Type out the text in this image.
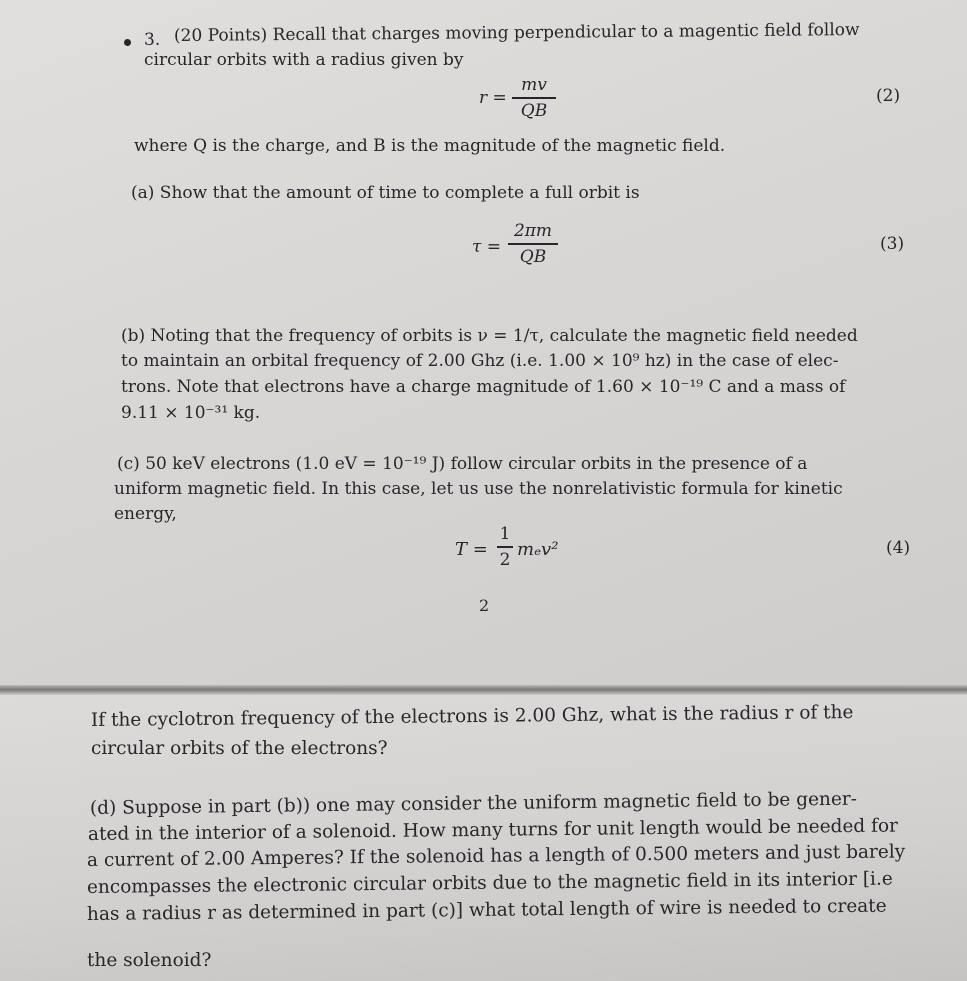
3. (20 Points) Recall that charges moving perpendicular to a magentic field follow
circular orbits with a radius given by
r =
mv
QB
(2)
where Q is the charge, and B is the magnitude of the magnetic field.
(a) Show that the amount of time to complete a full orbit is
τ =
2πm
QB
(3)
(b) Noting that the frequency of orbits is ν = 1/τ, calculate the magnetic field needed
to maintain an orbital frequency of 2.00 Ghz (i.e. 1.00 × 10⁹ hz) in the case of elec-
trons. Note that electrons have a charge magnitude of 1.60 × 10⁻¹⁹ C and a mass of
9.11 × 10⁻³¹ kg.
(c) 50 keV electrons (1.0 eV = 10⁻¹⁹ J) follow circular orbits in the presence of a
uniform magnetic field. In this case, let us use the nonrelativistic formula for kinetic
energy,
T =
1
2 mₑv²	(4)
2
If the cyclotron frequency of the electrons is 2.00 Ghz, what is the radius r of the
circular orbits of the electrons?
(d) Suppose in part (b)) one may consider the uniform magnetic field to be gener-
ated in the interior of a solenoid. How many turns for unit length would be needed for
a current of 2.00 Amperes? If the solenoid has a length of 0.500 meters and just barely
encompasses the electronic circular orbits due to the magnetic field in its interior [i.e
has a radius r as determined in part (c)] what total length of wire is needed to create
the solenoid?
